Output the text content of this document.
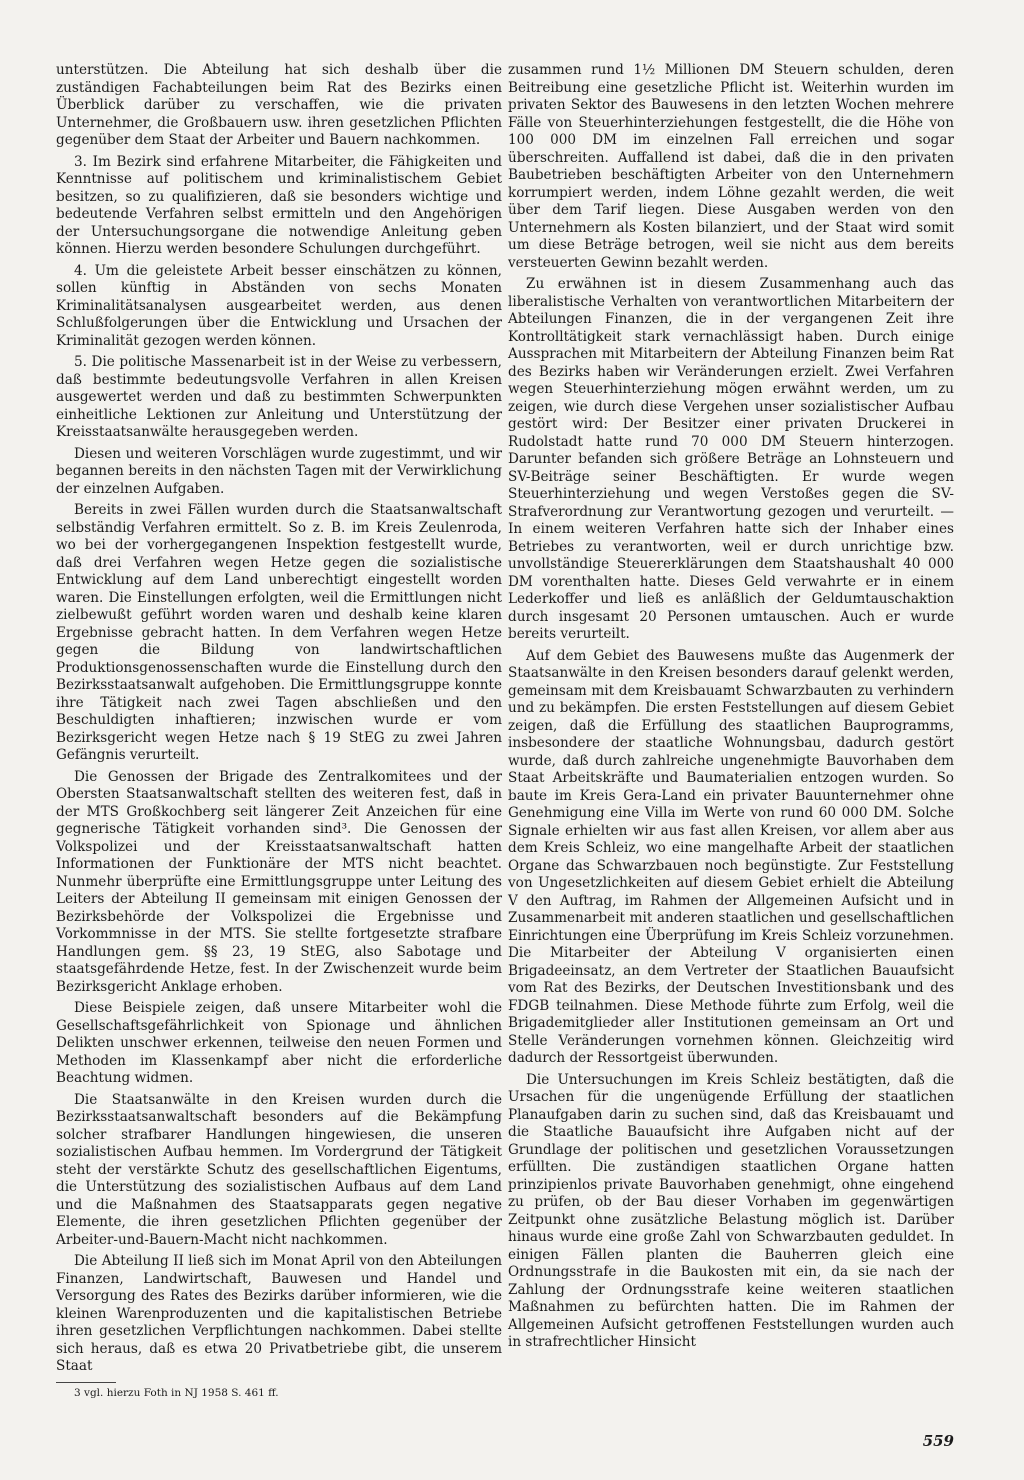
unterstützen. Die Abteilung hat sich deshalb über die zuständigen Fachabteilungen beim Rat des Bezirks einen Überblick darüber zu verschaffen, wie die privaten Unternehmer, die Großbauern usw. ihren gesetzlichen Pflichten gegenüber dem Staat der Arbeiter und Bauern nachkommen.

3. Im Bezirk sind erfahrene Mitarbeiter, die Fähigkeiten und Kenntnisse auf politischem und kriminalistischem Gebiet besitzen, so zu qualifizieren, daß sie besonders wichtige und bedeutende Verfahren selbst ermitteln und den Angehörigen der Untersuchungsorgane die notwendige Anleitung geben können. Hierzu werden besondere Schulungen durchgeführt.

4. Um die geleistete Arbeit besser einschätzen zu können, sollen künftig in Abständen von sechs Monaten Kriminalitätsanalysen ausgearbeitet werden, aus denen Schlußfolgerungen über die Entwicklung und Ursachen der Kriminalität gezogen werden können.

5. Die politische Massenarbeit ist in der Weise zu verbessern, daß bestimmte bedeutungsvolle Verfahren in allen Kreisen ausgewertet werden und daß zu bestimmten Schwerpunkten einheitliche Lektionen zur Anleitung und Unterstützung der Kreisstaatsanwälte herausgegeben werden.

Diesen und weiteren Vorschlägen wurde zugestimmt, und wir begannen bereits in den nächsten Tagen mit der Verwirklichung der einzelnen Aufgaben.

Bereits in zwei Fällen wurden durch die Staatsanwaltschaft selbständig Verfahren ermittelt. So z. B. im Kreis Zeulenroda, wo bei der vorhergegangenen Inspektion festgestellt wurde, daß drei Verfahren wegen Hetze gegen die sozialistische Entwicklung auf dem Land unberechtigt eingestellt worden waren. Die Einstellungen erfolgten, weil die Ermittlungen nicht zielbewußt geführt worden waren und deshalb keine klaren Ergebnisse gebracht hatten. In dem Verfahren wegen Hetze gegen die Bildung von landwirtschaftlichen Produktionsgenossenschaften wurde die Einstellung durch den Bezirksstaatsanwalt aufgehoben. Die Ermittlungsgruppe konnte ihre Tätigkeit nach zwei Tagen abschließen und den Beschuldigten inhaftieren; inzwischen wurde er vom Bezirksgericht wegen Hetze nach § 19 StEG zu zwei Jahren Gefängnis verurteilt.

Die Genossen der Brigade des Zentralkomitees und der Obersten Staatsanwaltschaft stellten des weiteren fest, daß in der MTS Großkochberg seit längerer Zeit Anzeichen für eine gegnerische Tätigkeit vorhanden sind³. Die Genossen der Volkspolizei und der Kreisstaatsanwaltschaft hatten Informationen der Funktionäre der MTS nicht beachtet. Nunmehr überprüfte eine Ermittlungsgruppe unter Leitung des Leiters der Abteilung II gemeinsam mit einigen Genossen der Bezirksbehörde der Volkspolizei die Ergebnisse und Vorkommnisse in der MTS. Sie stellte fortgesetzte strafbare Handlungen gem. §§ 23, 19 StEG, also Sabotage und staatsgefährdende Hetze, fest. In der Zwischenzeit wurde beim Bezirksgericht Anklage erhoben.

Diese Beispiele zeigen, daß unsere Mitarbeiter wohl die Gesellschaftsgefährlichkeit von Spionage und ähnlichen Delikten unschwer erkennen, teilweise den neuen Formen und Methoden im Klassenkampf aber nicht die erforderliche Beachtung widmen.

Die Staatsanwälte in den Kreisen wurden durch die Bezirksstaatsanwaltschaft besonders auf die Bekämpfung solcher strafbarer Handlungen hingewiesen, die unseren sozialistischen Aufbau hemmen. Im Vordergrund der Tätigkeit steht der verstärkte Schutz des gesellschaftlichen Eigentums, die Unterstützung des sozialistischen Aufbaus auf dem Land und die Maßnahmen des Staatsapparats gegen negative Elemente, die ihren gesetzlichen Pflichten gegenüber der Arbeiter-und-Bauern-Macht nicht nachkommen.

Die Abteilung II ließ sich im Monat April von den Abteilungen Finanzen, Landwirtschaft, Bauwesen und Handel und Versorgung des Rates des Bezirks darüber informieren, wie die kleinen Warenproduzenten und die kapitalistischen Betriebe ihren gesetzlichen Verpflichtungen nachkommen. Dabei stellte sich heraus, daß es etwa 20 Privatbetriebe gibt, die unserem Staat

3 vgl. hierzu Foth in NJ 1958 S. 461 ff.

zusammen rund 1½ Millionen DM Steuern schulden, deren Beitreibung eine gesetzliche Pflicht ist. Weiterhin wurden im privaten Sektor des Bauwesens in den letzten Wochen mehrere Fälle von Steuerhinterziehungen festgestellt, die die Höhe von 100 000 DM im einzelnen Fall erreichen und sogar überschreiten. Auffallend ist dabei, daß die in den privaten Baubetrieben beschäftigten Arbeiter von den Unternehmern korrumpiert werden, indem Löhne gezahlt werden, die weit über dem Tarif liegen. Diese Ausgaben werden von den Unternehmern als Kosten bilanziert, und der Staat wird somit um diese Beträge betrogen, weil sie nicht aus dem bereits versteuerten Gewinn bezahlt werden.

Zu erwähnen ist in diesem Zusammenhang auch das liberalistische Verhalten von verantwortlichen Mitarbeitern der Abteilungen Finanzen, die in der vergangenen Zeit ihre Kontrolltätigkeit stark vernachlässigt haben. Durch einige Aussprachen mit Mitarbeitern der Abteilung Finanzen beim Rat des Bezirks haben wir Veränderungen erzielt. Zwei Verfahren wegen Steuerhinterziehung mögen erwähnt werden, um zu zeigen, wie durch diese Vergehen unser sozialistischer Aufbau gestört wird: Der Besitzer einer privaten Druckerei in Rudolstadt hatte rund 70 000 DM Steuern hinterzogen. Darunter befanden sich größere Beträge an Lohnsteuern und SV-Beiträge seiner Beschäftigten. Er wurde wegen Steuerhinterziehung und wegen Verstoßes gegen die SV-Strafverordnung zur Verantwortung gezogen und verurteilt. — In einem weiteren Verfahren hatte sich der Inhaber eines Betriebes zu verantworten, weil er durch unrichtige bzw. unvollständige Steuererklärungen dem Staatshaushalt 40 000 DM vorenthalten hatte. Dieses Geld verwahrte er in einem Lederkoffer und ließ es anläßlich der Geldumtauschaktion durch insgesamt 20 Personen umtauschen. Auch er wurde bereits verurteilt.

Auf dem Gebiet des Bauwesens mußte das Augenmerk der Staatsanwälte in den Kreisen besonders darauf gelenkt werden, gemeinsam mit dem Kreisbauamt Schwarzbauten zu verhindern und zu bekämpfen. Die ersten Feststellungen auf diesem Gebiet zeigen, daß die Erfüllung des staatlichen Bauprogramms, insbesondere der staatliche Wohnungsbau, dadurch gestört wurde, daß durch zahlreiche ungenehmigte Bauvorhaben dem Staat Arbeitskräfte und Baumaterialien entzogen wurden. So baute im Kreis Gera-Land ein privater Bauunternehmer ohne Genehmigung eine Villa im Werte von rund 60 000 DM. Solche Signale erhielten wir aus fast allen Kreisen, vor allem aber aus dem Kreis Schleiz, wo eine mangelhafte Arbeit der staatlichen Organe das Schwarzbauen noch begünstigte. Zur Feststellung von Ungesetzlichkeiten auf diesem Gebiet erhielt die Abteilung V den Auftrag, im Rahmen der Allgemeinen Aufsicht und in Zusammenarbeit mit anderen staatlichen und gesellschaftlichen Einrichtungen eine Überprüfung im Kreis Schleiz vorzunehmen. Die Mitarbeiter der Abteilung V organisierten einen Brigadeeinsatz, an dem Vertreter der Staatlichen Bauaufsicht vom Rat des Bezirks, der Deutschen Investitionsbank und des FDGB teilnahmen. Diese Methode führte zum Erfolg, weil die Brigademitglieder aller Institutionen gemeinsam an Ort und Stelle Veränderungen vornehmen können. Gleichzeitig wird dadurch der Ressortgeist überwunden.

Die Untersuchungen im Kreis Schleiz bestätigten, daß die Ursachen für die ungenügende Erfüllung der staatlichen Planaufgaben darin zu suchen sind, daß das Kreisbauamt und die Staatliche Bauaufsicht ihre Aufgaben nicht auf der Grundlage der politischen und gesetzlichen Voraussetzungen erfüllten. Die zuständigen staatlichen Organe hatten prinzipienlos private Bauvorhaben genehmigt, ohne eingehend zu prüfen, ob der Bau dieser Vorhaben im gegenwärtigen Zeitpunkt ohne zusätzliche Belastung möglich ist. Darüber hinaus wurde eine große Zahl von Schwarzbauten geduldet. In einigen Fällen planten die Bauherren gleich eine Ordnungsstrafe in die Baukosten mit ein, da sie nach der Zahlung der Ordnungsstrafe keine weiteren staatlichen Maßnahmen zu befürchten hatten. Die im Rahmen der Allgemeinen Aufsicht getroffenen Feststellungen wurden auch in strafrechtlicher Hinsicht

559
